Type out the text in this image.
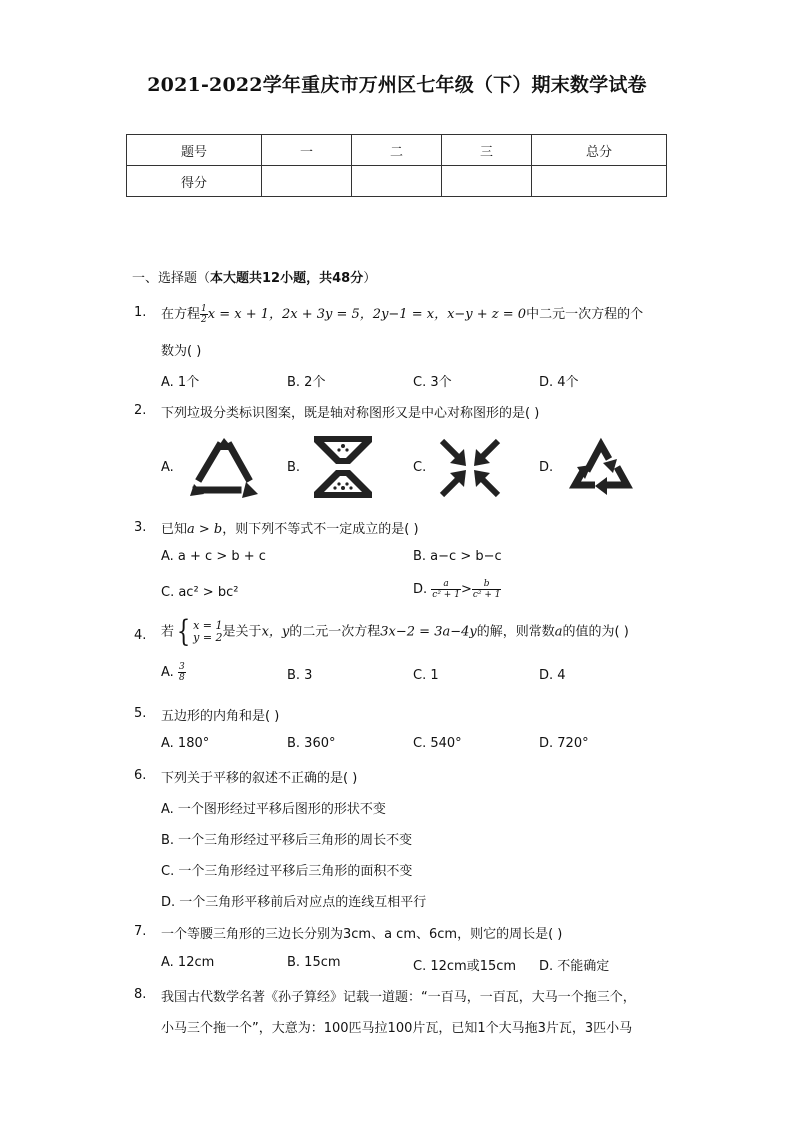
2021-2022学年重庆市万州区七年级（下）期末数学试卷
题号	一	二	三	总分
得分				
一、选择题（本大题共12小题，共48分）
1. 在方程 $\frac{1}{2}$ x = x + 1，2x + 3y = 5，2y−1 = x，x−y + z = 0中二元一次方程的个
数为( )
A. 1个	B. 2个	C. 3个	D. 4个
2. 下列垃圾分类标识图案，既是轴对称图形又是中心对称图形的是( )
A.	B.	C.	D.
3. 已知a > b，则下列不等式不一定成立的是( )
A. a + c > b + c	B. a−c > b−c
C. ac² > bc²	D. $\frac{a}{\text{c² + 1}} > \frac{b}{\text{c² + 1}}$
4. 若{ x = 1
y = 2 是关于x，y的二元一次方程3x−2 = 3a−4y的解，则常数a的值的为( )
A. $\frac{3}{8}$	B. 3	C. 1	D. 4
5. 五边形的内角和是( )
A. 180°	B. 360°	C. 540°	D. 720°
6. 下列关于平移的叙述不正确的是( )
A. 一个图形经过平移后图形的形状不变
B. 一个三角形经过平移后三角形的周长不变
C. 一个三角形经过平移后三角形的面积不变
D. 一个三角形平移前后对应点的连线互相平行
7. 一个等腰三角形的三边长分别为3cm、a cm、6cm，则它的周长是( )
A. 12cm	B. 15cm	C. 12cm或15cm D. 不能确定
8. 我国古代数学名著《孙子算经》记载一道题：“一百马，一百瓦，大马一个拖三个，
小马三个拖一个”，大意为：100匹马拉100片瓦，已知1个大马拖3片瓦，3匹小马
